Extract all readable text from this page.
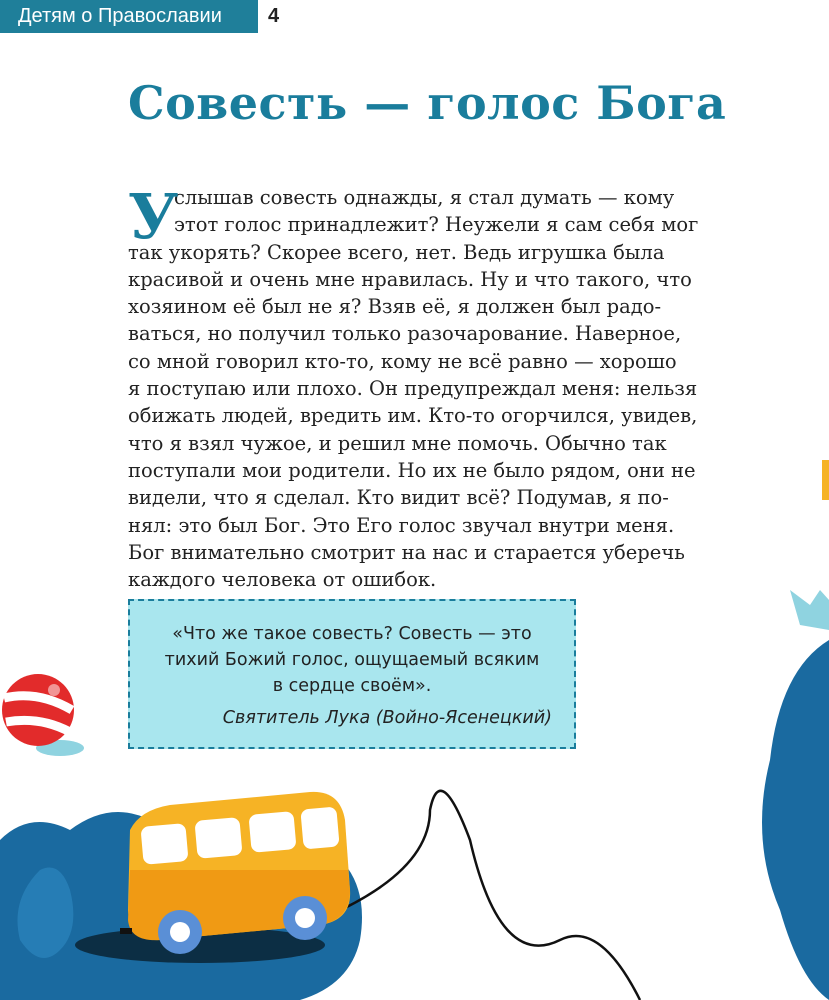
Детям о Православии	4
Совесть — голос Бога
У
слышав совесть однажды, я стал думать — кому
этот голос принадлежит? Неужели я сам себя мог
так укорять? Скорее всего, нет. Ведь игрушка была
красивой и очень мне нравилась. Ну и что такого, что
хозяином её был не я? Взяв её, я должен был радо-
ваться, но получил только разочарование. Наверное,
со мной говорил кто-то, кому не всё равно — хорошо
я поступаю или плохо. Он предупреждал меня: нельзя
обижать людей, вредить им. Кто-то огорчился, увидев,
что я взял чужое, и решил мне помочь. Обычно так
поступали мои родители. Но их не было рядом, они не
видели, что я сделал. Кто видит всё? Подумав, я по-
нял: это был Бог. Это Его голос звучал внутри меня.
Бог внимательно смотрит на нас и старается уберечь
каждого человека от ошибок.
«Что же такое совесть? Совесть — это
тихий Божий голос, ощущаемый всяким
в сердце своём».
Святитель Лука (Войно-Ясенецкий)
